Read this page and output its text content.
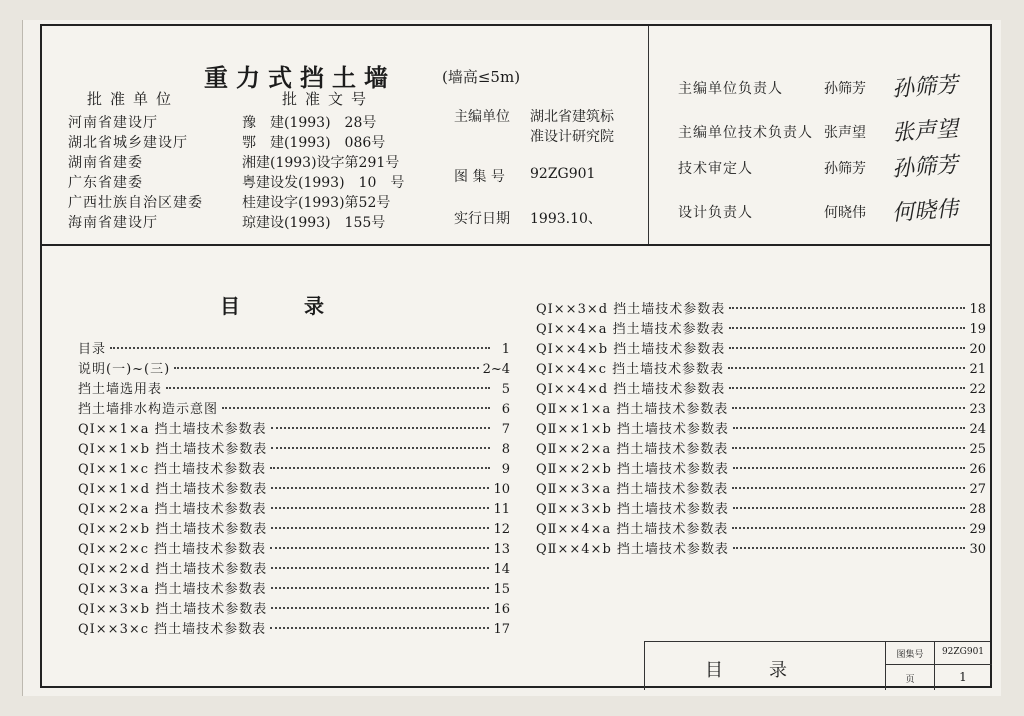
重力式挡土墙	(墙高≤5m)
批准单位	批准文号
河南省建设厅	豫　建(1993)　28号
湖北省城乡建设厅	鄂　建(1993)　086号
湖南省建委	湘建(1993)设字第291号
广东省建委	粤建设发(1993)　10　号
广西壮族自治区建委	桂建设字(1993)第52号
海南省建设厅	琼建设(1993)　155号
主编单位 湖北省建筑标
准设计研究院
图 集 号 92ZG901
实行日期 1993.10、
主编单位负责人	孙筛芳 孙筛芳
主编单位技术负责人 张声望 张声望
技术审定人	孙筛芳 孙筛芳
设计负责人	何晓伟 何晓伟
目	录
目录	1
说明(一)~(三)	2~4
挡土墙选用表	5
挡土墙排水构造示意图	6
QⅠ××1×a 挡土墙技术参数表	7
QⅠ××1×b 挡土墙技术参数表	8
QⅠ××1×c 挡土墙技术参数表	9
QⅠ××1×d 挡土墙技术参数表	10
QⅠ××2×a 挡土墙技术参数表	11
QⅠ××2×b 挡土墙技术参数表	12
QⅠ××2×c 挡土墙技术参数表	13
QⅠ××2×d 挡土墙技术参数表	14
QⅠ××3×a 挡土墙技术参数表	15
QⅠ××3×b 挡土墙技术参数表	16
QⅠ××3×c 挡土墙技术参数表	17
QⅠ××3×d 挡土墙技术参数表	18
QⅠ××4×a 挡土墙技术参数表	19
QⅠ××4×b 挡土墙技术参数表	20
QⅠ××4×c 挡土墙技术参数表	21
QⅠ××4×d 挡土墙技术参数表	22
QⅡ××1×a 挡土墙技术参数表	23
QⅡ××1×b 挡土墙技术参数表	24
QⅡ××2×a 挡土墙技术参数表	25
QⅡ××2×b 挡土墙技术参数表	26
QⅡ××3×a 挡土墙技术参数表	27
QⅡ××3×b 挡土墙技术参数表	28
QⅡ××4×a 挡土墙技术参数表	29
QⅡ××4×b 挡土墙技术参数表	30
目录
图集号	92ZG901
页	1
